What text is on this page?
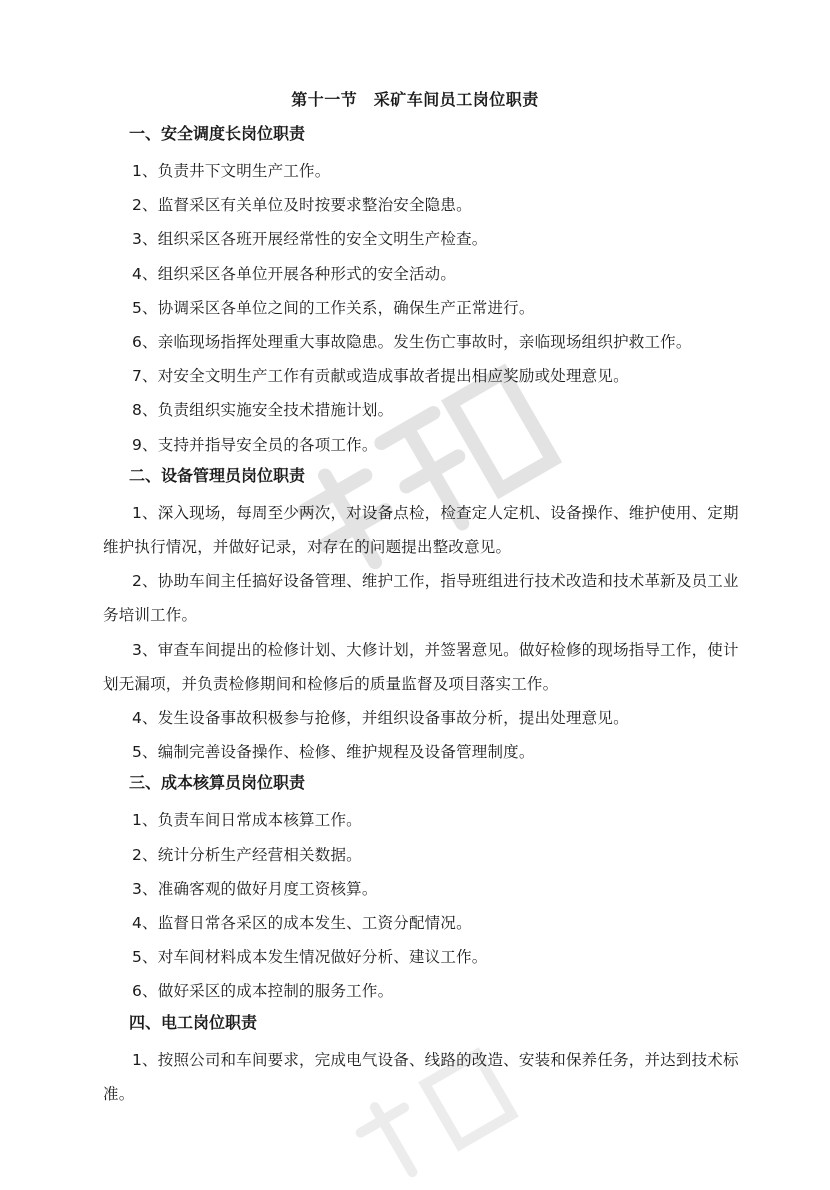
第十一节　采矿车间员工岗位职责
一、安全调度长岗位职责
1、负责井下文明生产工作。
2、监督采区有关单位及时按要求整治安全隐患。
3、组织采区各班开展经常性的安全文明生产检查。
4、组织采区各单位开展各种形式的安全活动。
5、协调采区各单位之间的工作关系，确保生产正常进行。
6、亲临现场指挥处理重大事故隐患。发生伤亡事故时，亲临现场组织护救工作。
7、对安全文明生产工作有贡献或造成事故者提出相应奖励或处理意见。
8、负责组织实施安全技术措施计划。
9、支持并指导安全员的各项工作。
二、设备管理员岗位职责
1、深入现场，每周至少两次，对设备点检，检查定人定机、设备操作、维护使用、定期维护执行情况，并做好记录，对存在的问题提出整改意见。
2、协助车间主任搞好设备管理、维护工作，指导班组进行技术改造和技术革新及员工业务培训工作。
3、审查车间提出的检修计划、大修计划，并签署意见。做好检修的现场指导工作，使计划无漏项，并负责检修期间和检修后的质量监督及项目落实工作。
4、发生设备事故积极参与抢修，并组织设备事故分析，提出处理意见。
5、编制完善设备操作、检修、维护规程及设备管理制度。
三、成本核算员岗位职责
1、负责车间日常成本核算工作。
2、统计分析生产经营相关数据。
3、准确客观的做好月度工资核算。
4、监督日常各采区的成本发生、工资分配情况。
5、对车间材料成本发生情况做好分析、建议工作。
6、做好采区的成本控制的服务工作。
四、电工岗位职责
1、按照公司和车间要求，完成电气设备、线路的改造、安装和保养任务，并达到技术标准。
